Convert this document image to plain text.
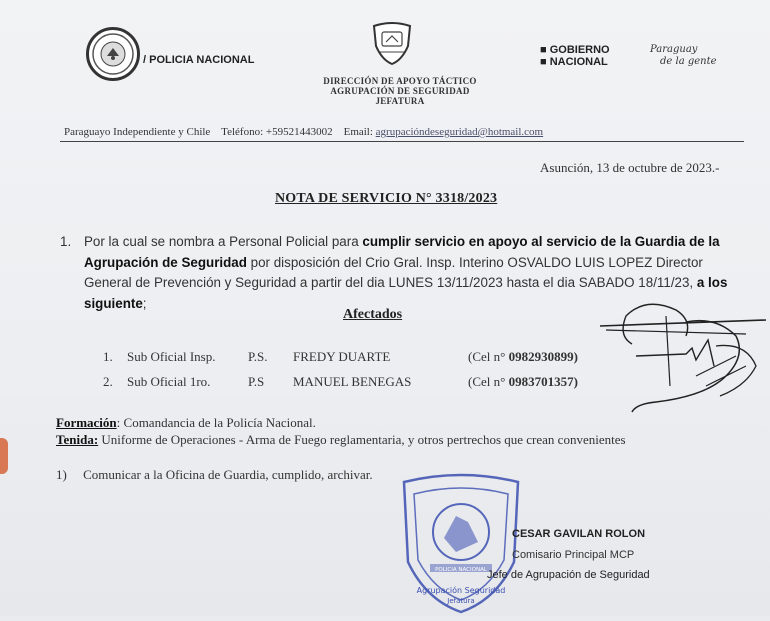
/ POLICIA NACIONAL
■ GOBIERNO
■ NACIONAL
Paraguay
de la gente
DIRECCIÓN DE APOYO TÁCTICO
AGRUPACIÓN DE SEGURIDAD
JEFATURA
Paraguayo Independiente y Chile Teléfono: +59521443002 Email: agrupacióndeseguridad@hotmail.com
Asunción, 13 de octubre de 2023.-
NOTA DE SERVICIO N° 3318/2023
1. Por la cual se nombra a Personal Policial para cumplir servicio en apoyo al servicio de la Guardia de la Agrupación de Seguridad por disposición del Crio Gral. Insp. Interino OSVALDO LUIS LOPEZ Director General de Prevención y Seguridad a partir del dia LUNES 13/11/2023 hasta el dia SABADO 18/11/23, a los siguiente;
Afectados
1. Sub Oficial Insp.	P.S. FREDY DUARTE	(Cel n° 0982930899)
2. Sub Oficial 1ro.	P.S MANUEL BENEGAS	(Cel n° 0983701357)
Formación: Comandancia de la Policía Nacional.
Tenida: Uniforme de Operaciones - Arma de Fuego reglamentaria, y otros pertrechos que crean convenientes
1) Comunicar a la Oficina de Guardia, cumplido, archivar.
POLICIA NACIONAL
Agrupación Seguridad
Jefatura
CESAR GAVILAN ROLON
Comisario Principal MCP
Jefe de Agrupación de Seguridad
